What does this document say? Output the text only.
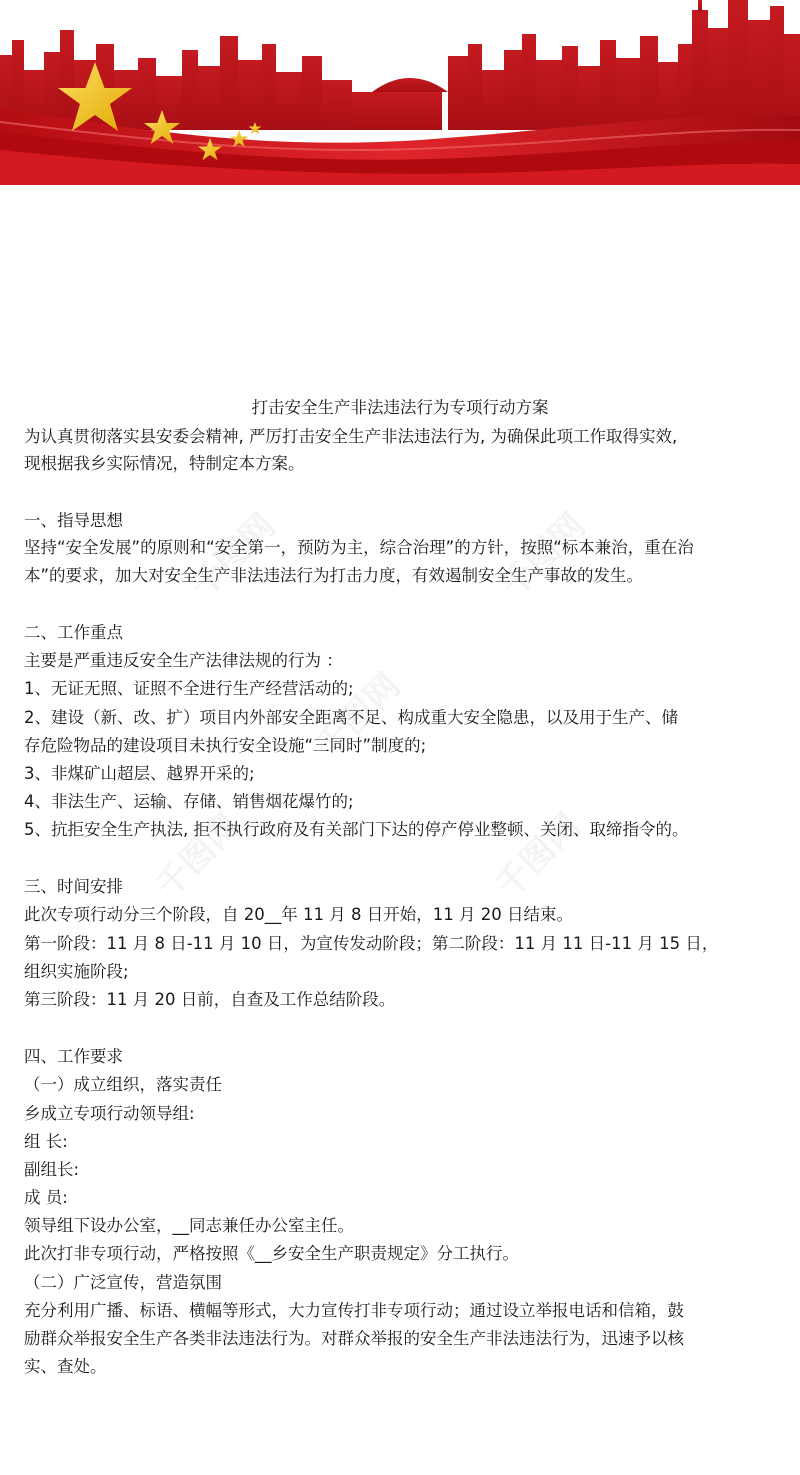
千图网	千图网
千图网	千图网
千图网
打击安全生产非法违法行为专项行动方案
为认真贯彻落实县安委会精神, 严厉打击安全生产非法违法行为, 为确保此项工作取得实效,
现根据我乡实际情况，特制定本方案。
一、指导思想
坚持“安全发展”的原则和“安全第一，预防为主，综合治理”的方针，按照“标本兼治，重在治
本”的要求，加大对安全生产非法违法行为打击力度，有效遏制安全生产事故的发生。
二、工作重点
主要是严重违反安全生产法律法规的行为 ：
1、无证无照、证照不全进行生产经营活动的;
2、建设（新、改、扩）项目内外部安全距离不足、构成重大安全隐患，以及用于生产、储
存危险物品的建设项目未执行安全设施“三同时”制度的;
3、非煤矿山超层、越界开采的;
4、非法生产、运输、存储、销售烟花爆竹的;
5、抗拒安全生产执法, 拒不执行政府及有关部门下达的停产停业整顿、关闭、取缔指令的。
三、时间安排
此次专项行动分三个阶段，自 20__年 11 月 8 日开始，11 月 20 日结束。
第一阶段：11 月 8 日-11 月 10 日，为宣传发动阶段；第二阶段：11 月 11 日-11 月 15 日，
组织实施阶段;
第三阶段：11 月 20 日前，自查及工作总结阶段。
四、工作要求
（一）成立组织，落实责任
乡成立专项行动领导组:
组 长:
副组长:
成 员:
领导组下设办公室，__同志兼任办公室主任。
此次打非专项行动，严格按照《__乡安全生产职责规定》分工执行。
（二）广泛宣传，营造氛围
充分利用广播、标语、横幅等形式，大力宣传打非专项行动；通过设立举报电话和信箱，鼓
励群众举报安全生产各类非法违法行为。对群众举报的安全生产非法违法行为，迅速予以核
实、查处。
